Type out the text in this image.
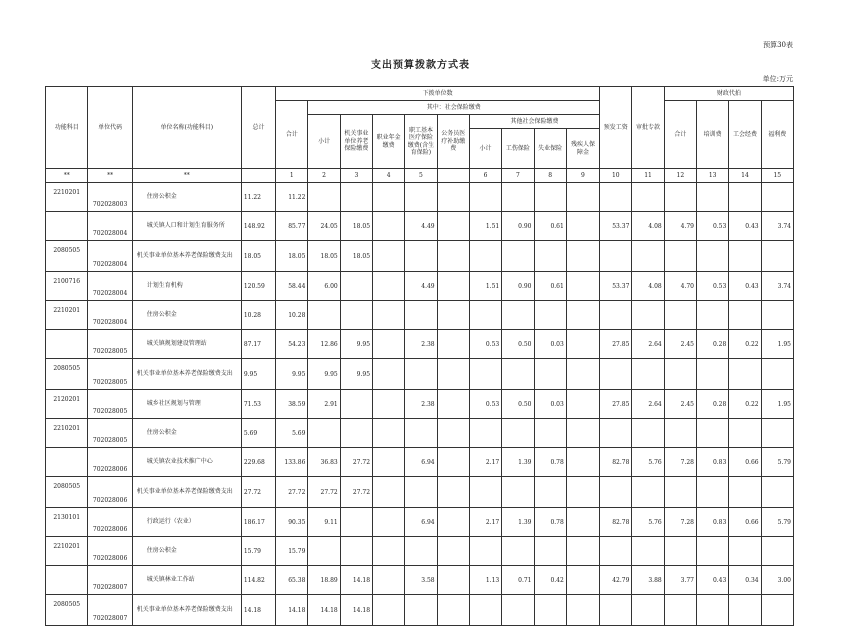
预算30表
支出预算拨款方式表
单位:万元
功能科目	单位代码	单位名称(功能科目)	总计	下拨单位数										预发工资	审批专款	财政代拍			
				合计	其中：社会保险缴费											合计	培训费	工会经费	福利费
					小计	机关事业单位养老保险缴费	职业年金缴费	职工基本医疗保险缴费(含生育保险)	公务员医疗补助缴费	其他社会保险缴费									
										小计	工伤保险	失业保险	残疾人保障金						
**	**	**		1	2	3	4	5		6	7	8	9	10	11	12	13	14	15
2210201	702028003	住房公积金	11.22	11.22															
	702028004	城关镇人口和计划生育服务所	148.92	85.77	24.05	18.05		4.49		1.51	0.90	0.61		53.37	4.08	4.79	0.53	0.43	3.74
2080505	702028004	机关事业单位基本养老保险缴费支出	18.05	18.05	18.05	18.05													
2100716	702028004	计划生育机构	120.59	58.44	6.00			4.49		1.51	0.90	0.61		53.37	4.08	4.70	0.53	0.43	3.74
2210201	702028004	住房公积金	10.28	10.28															
	702028005	城关镇规划建设管理站	87.17	54.23	12.86	9.95		2.38		0.53	0.50	0.03		27.85	2.64	2.45	0.28	0.22	1.95
2080505	702028005	机关事业单位基本养老保险缴费支出	9.95	9.95	9.95	9.95													
2120201	702028005	城乡社区规划与管理	71.53	38.59	2.91			2.38		0.53	0.50	0.03		27.85	2.64	2.45	0.28	0.22	1.95
2210201	702028005	住房公积金	5.69	5.69															
	702028006	城关镇农业技术推广中心	229.68	133.86	36.83	27.72		6.94		2.17	1.39	0.78		82.78	5.76	7.28	0.83	0.66	5.79
2080505	702028006	机关事业单位基本养老保险缴费支出	27.72	27.72	27.72	27.72													
2130101	702028006	行政运行（农业）	186.17	90.35	9.11			6.94		2.17	1.39	0.78		82.78	5.76	7.28	0.83	0.66	5.79
2210201	702028006	住房公积金	15.79	15.79															
	702028007	城关镇林业工作站	114.82	65.38	18.89	14.18		3.58		1.13	0.71	0.42		42.79	3.88	3.77	0.43	0.34	3.00
2080505	702028007	机关事业单位基本养老保险缴费支出	14.18	14.18	14.18	14.18													
